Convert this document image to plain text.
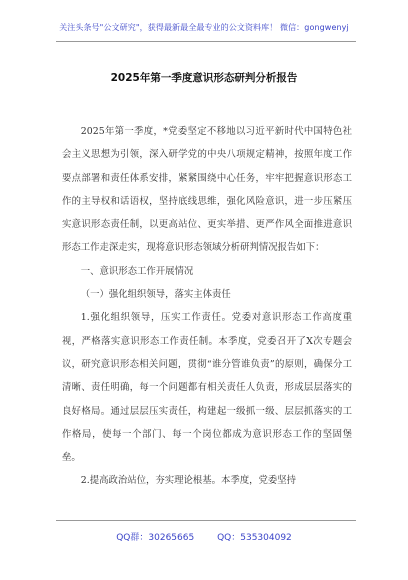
关注头条号"公文研究"，获得最新最全最专业的公文资料库！ 微信：gongwenyj
2025年第一季度意识形态研判分析报告

2025年第一季度，*党委坚定不移地以习近平新时代中国特色社会主义思想为引领，深入研学党的中央八项规定精神，按照年度工作要点部署和责任体系安排，紧紧围绕中心任务，牢牢把握意识形态工作的主导权和话语权，坚持底线思维，强化风险意识，进一步压紧压实意识形态责任制，以更高站位、更实举措、更严作风全面推进意识形态工作走深走实，现将意识形态领域分析研判情况报告如下：

一、意识形态工作开展情况

（一）强化组织领导，落实主体责任

1.强化组织领导，压实工作责任。党委对意识形态工作高度重视，严格落实意识形态工作责任制。本季度，党委召开了X次专题会议，研究意识形态相关问题，贯彻“谁分管谁负责”的原则，确保分工清晰、责任明确，每一个问题都有相关责任人负责，形成层层落实的良好格局。通过层层压实责任，构建起一级抓一级、层层抓落实的工作格局，使每一个部门、每一个岗位都成为意识形态工作的坚固堡垒。

2.提高政治站位，夯实理论根基。本季度，党委坚持

QQ群：30265665	QQ：535304092
